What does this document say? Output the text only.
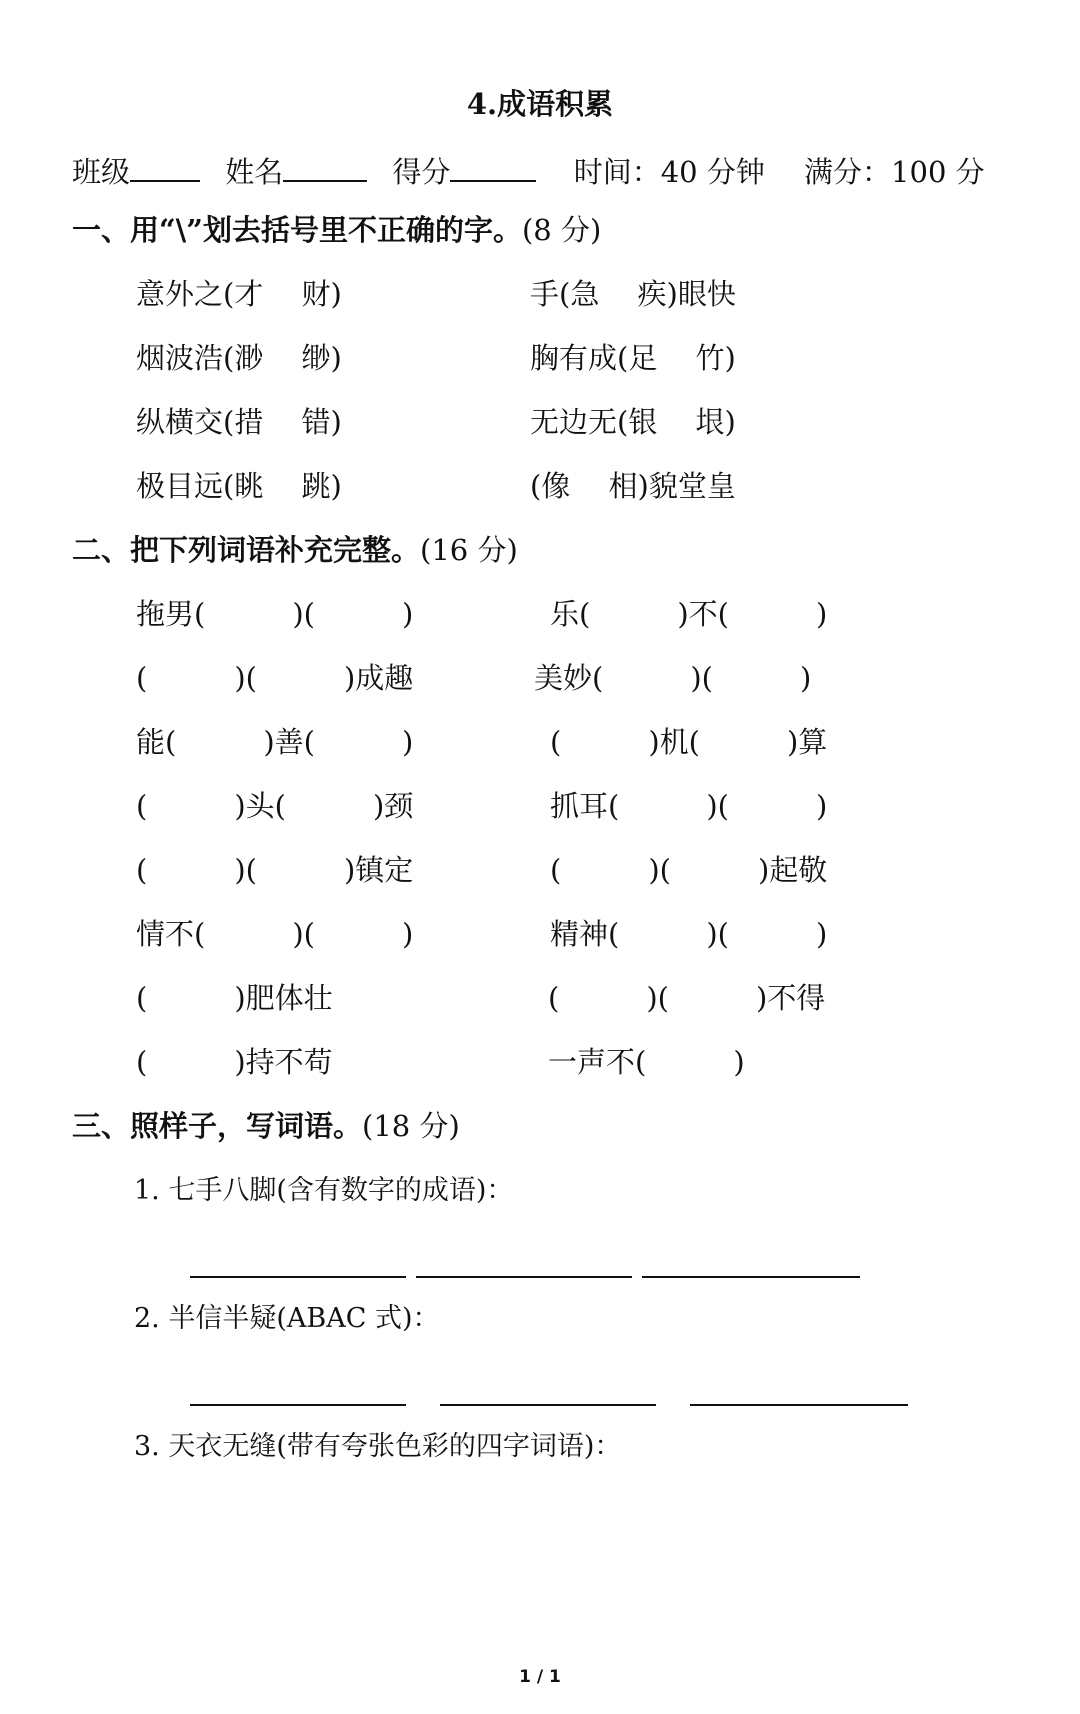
4.成语积累
班级	姓名	得分	时间：40 分钟 满分：100 分
一、用“\”划去括号里不正确的字。(8 分)
意外之(才　 财)	手(急　 疾)眼快
烟波浩(渺　 缈)	胸有成(足　 竹)
纵横交(措　 错)	无边无(银　 垠)
极目远(眺　 跳)	(像　 相)貌堂皇
二、把下列词语补充完整。(16 分)
拖男(　　　)(　　　)	乐(　　　)不(　　　)
(　　　)(　　　)成趣	美妙(　　　)(　　　)
能(　　　)善(　　　)	(　　　)机(　　　)算
(　　　)头(　　　)颈	抓耳(　　　)(　　　)
(　　　)(　　　)镇定	(　　　)(　　　)起敬
情不(　　　)(　　　)	精神(　　　)(　　　)
(　　　)肥体壮	(　　　)(　　　)不得
(　　　)持不苟	一声不(　　　)
三、照样子，写词语。(18 分)
1. 七手八脚(含有数字的成语)：
2. 半信半疑(ABAC 式)：
3. 天衣无缝(带有夸张色彩的四字词语)：
1 / 1
